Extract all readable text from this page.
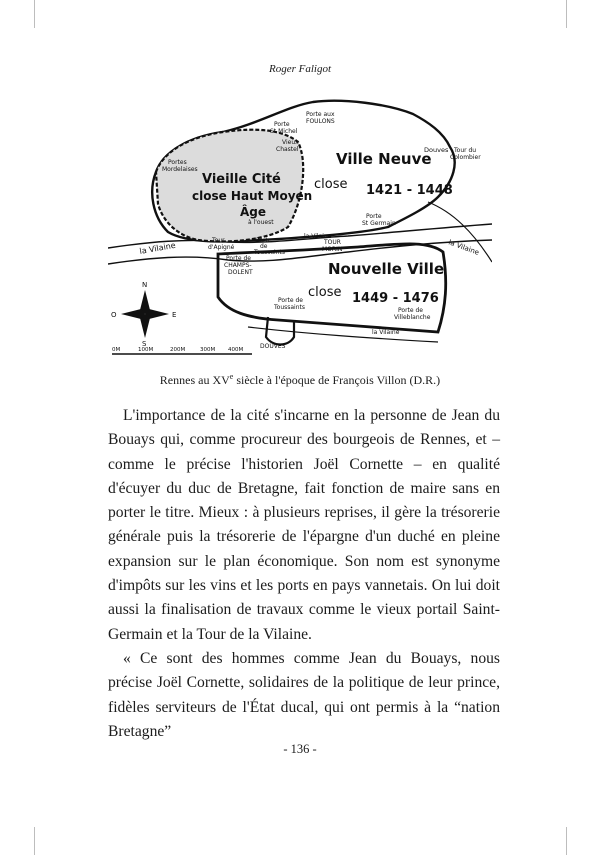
Roger Faligot
Ville Neuve
close 1421 - 1448
Vieille Cité
close Haut Moyen
Âge
Nouvelle Ville
close 1449 - 1476
Porte aux
FOULONS
Porte
St Michel
Vieux
Chastel
Portes
Mordelaises
à l'ouest
Douves Tour du
Colombier
Porte
St Germain
la Vilaine
la Vilaine
TOUR
MORIN
Tour
d'Apigné
Porte
de
Toussaints
Porte de
CHAMPS-
DOLENT
la Vilaine
Porte de
Toussaints	Porte de
Villeblanche
la Vilaine
DOUVES
N
S
E
O
0M	100M	200M	300M 400M
Rennes au XVe siècle à l'époque de François Villon (D.R.)

L'importance de la cité s'incarne en la personne de Jean du Bouays qui, comme procureur des bourgeois de Rennes, et – comme le précise l'historien Joël Cornette – en qualité d'écuyer du duc de Bretagne, fait fonction de maire sans en porter le titre. Mieux : à plusieurs reprises, il gère la trésorerie générale puis la trésorerie de l'épargne d'un duché en pleine expansion sur le plan économique. Son nom est synonyme d'impôts sur les vins et les ports en pays vannetais. On lui doit aussi la finalisation de travaux comme le vieux portail Saint-Germain et la Tour de la Vilaine.

« Ce sont des hommes comme Jean du Bouays, nous précise Joël Cornette, solidaires de la politique de leur prince, fidèles serviteurs de l'État ducal, qui ont permis à la “nation Bretagne”

- 136 -
